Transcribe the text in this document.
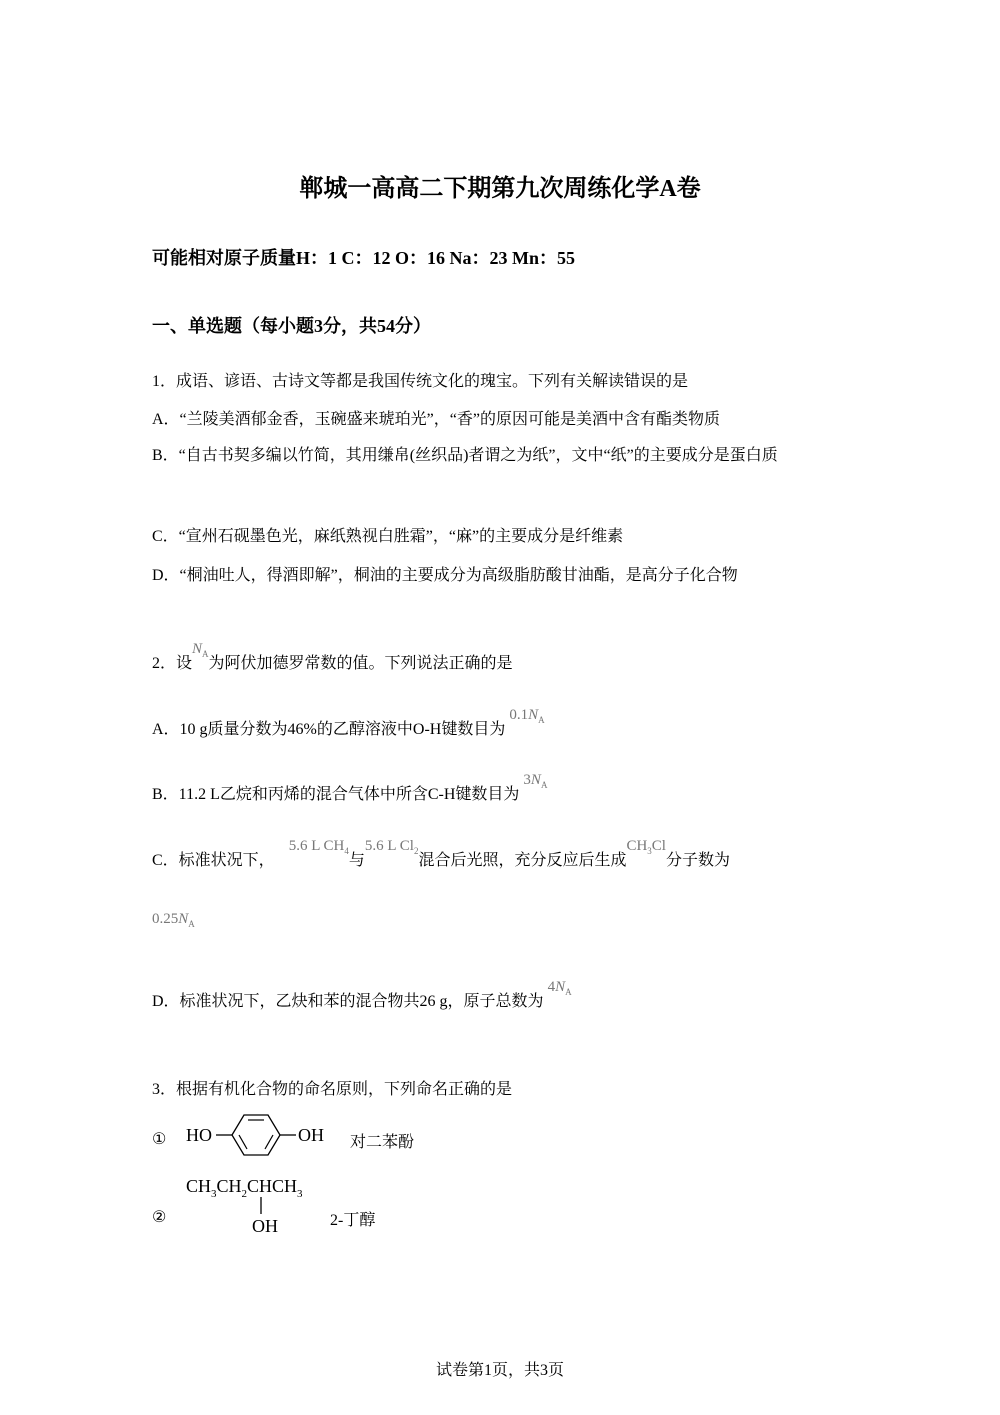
郸城一高高二下期第九次周练化学A卷
可能相对原子质量H：1 C：12 O：16 Na：23 Mn：55
一、单选题（每小题3分，共54分）
1．成语、谚语、古诗文等都是我国传统文化的瑰宝。下列有关解读错误的是
A．“兰陵美酒郁金香，玉碗盛来琥珀光”，“香”的原因可能是美酒中含有酯类物质
B．“自古书契多编以竹简，其用缣帛(丝织品)者谓之为纸”，文中“纸”的主要成分是蛋白质
C．“宣州石砚墨色光，麻纸熟视白胜霜”，“麻”的主要成分是纤维素
D．“桐油吐人，得酒即解”，桐油的主要成分为高级脂肪酸甘油酯，是高分子化合物
2．设$N_A$为阿伏加德罗常数的值。下列说法正确的是
A．10 g质量分数为46%的乙醇溶液中O-H键数目为 $0.1N_A$
B．11.2 L乙烷和丙烯的混合气体中所含C-H键数目为 $3N_A$
C．标准状况下，5.6 L $CH_4$与5.6 L $Cl_2$混合后光照，充分反应后生成$CH_3Cl$分子数为
$0.25N_A$
D．标准状况下，乙炔和苯的混合物共26 g，原子总数为 $4N_A$
3．根据有机化合物的命名原则，下列命名正确的是
① HO	OH 对二苯酚
②
$CH_3CH_2CHCH_3$
OH	2-丁醇
试卷第1页，共3页
